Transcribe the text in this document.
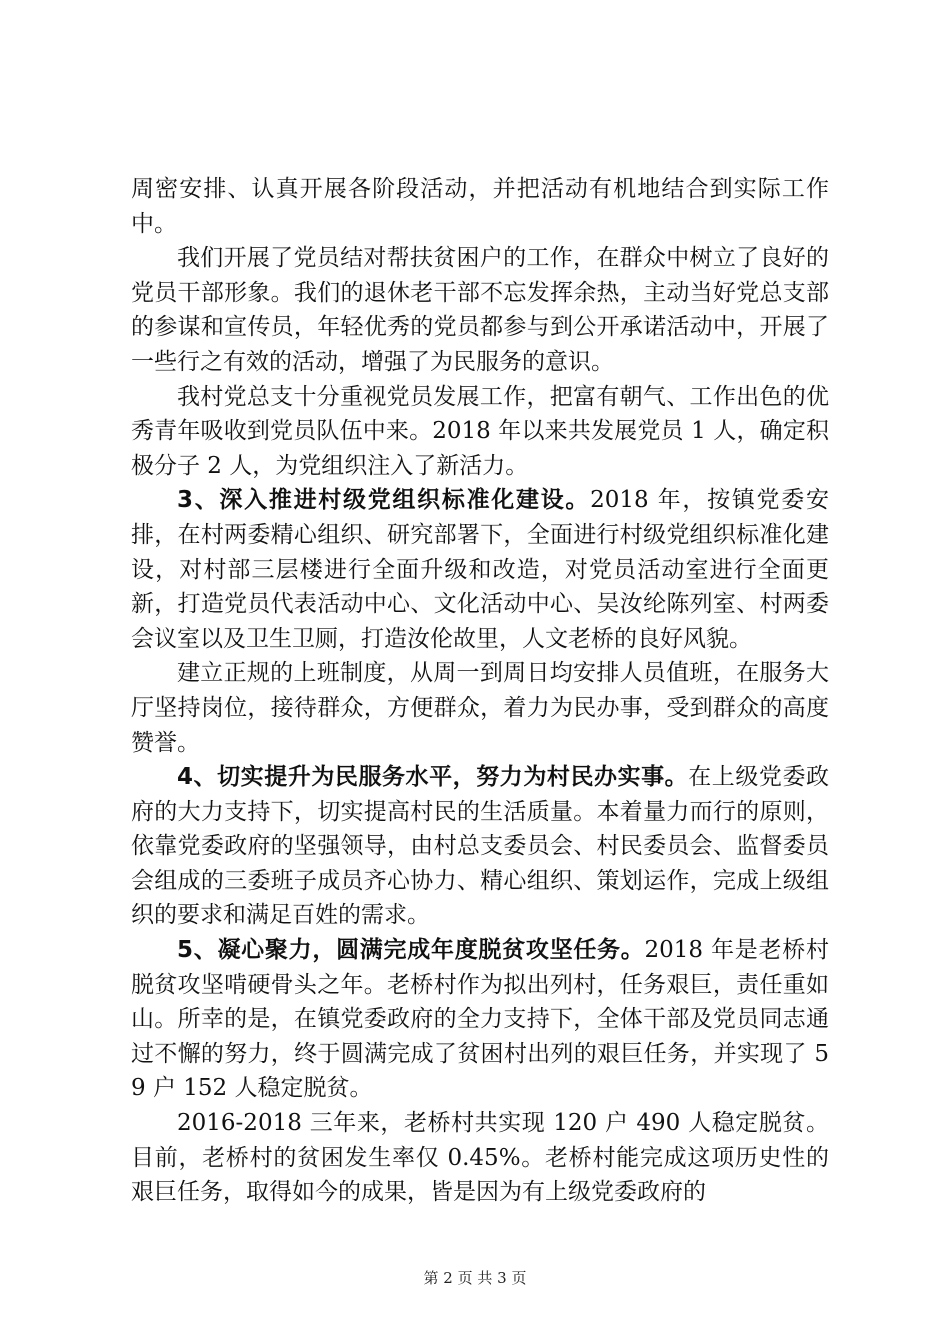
周密安排、认真开展各阶段活动，并把活动有机地结合到实际工作中。

我们开展了党员结对帮扶贫困户的工作，在群众中树立了良好的党员干部形象。我们的退休老干部不忘发挥余热，主动当好党总支部的参谋和宣传员，年轻优秀的党员都参与到公开承诺活动中，开展了一些行之有效的活动，增强了为民服务的意识。

我村党总支十分重视党员发展工作，把富有朝气、工作出色的优秀青年吸收到党员队伍中来。2018 年以来共发展党员 1 人，确定积极分子 2 人，为党组织注入了新活力。

3、深入推进村级党组织标准化建设。2018 年，按镇党委安排，在村两委精心组织、研究部署下，全面进行村级党组织标准化建设，对村部三层楼进行全面升级和改造，对党员活动室进行全面更新，打造党员代表活动中心、文化活动中心、吴汝纶陈列室、村两委会议室以及卫生卫厕，打造汝伦故里，人文老桥的良好风貌。

建立正规的上班制度，从周一到周日均安排人员值班，在服务大厅坚持岗位，接待群众，方便群众，着力为民办事，受到群众的高度赞誉。

4、切实提升为民服务水平，努力为村民办实事。在上级党委政府的大力支持下，切实提高村民的生活质量。本着量力而行的原则，依靠党委政府的坚强领导，由村总支委员会、村民委员会、监督委员会组成的三委班子成员齐心协力、精心组织、策划运作，完成上级组织的要求和满足百姓的需求。

5、凝心聚力，圆满完成年度脱贫攻坚任务。2018 年是老桥村脱贫攻坚啃硬骨头之年。老桥村作为拟出列村，任务艰巨，责任重如山。所幸的是，在镇党委政府的全力支持下，全体干部及党员同志通过不懈的努力，终于圆满完成了贫困村出列的艰巨任务，并实现了 59 户 152 人稳定脱贫。

2016-2018 三年来，老桥村共实现 120 户 490 人稳定脱贫。目前，老桥村的贫困发生率仅 0.45%。老桥村能完成这项历史性的艰巨任务，取得如今的成果，皆是因为有上级党委政府的

第 2 页 共 3 页
